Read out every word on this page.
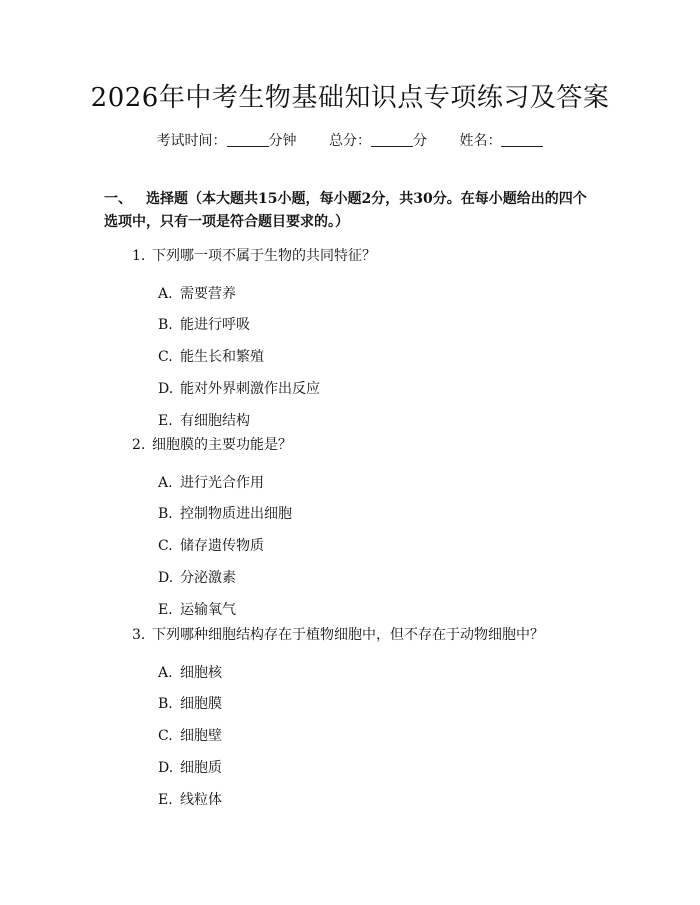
2026年中考生物基础知识点专项练习及答案
考试时间：	分钟 总分：	分 姓名：
一、 选择题（本大题共15小题，每小题2分，共30分。在每小题给出的四个选项中，只有一项是符合题目要求的。）
1. 下列哪一项不属于生物的共同特征？
A. 需要营养
B. 能进行呼吸
C. 能生长和繁殖
D. 能对外界刺激作出反应
E. 有细胞结构
2. 细胞膜的主要功能是？
A. 进行光合作用
B. 控制物质进出细胞
C. 储存遗传物质
D. 分泌激素
E. 运输氧气
3. 下列哪种细胞结构存在于植物细胞中，但不存在于动物细胞中？
A. 细胞核
B. 细胞膜
C. 细胞壁
D. 细胞质
E. 线粒体
